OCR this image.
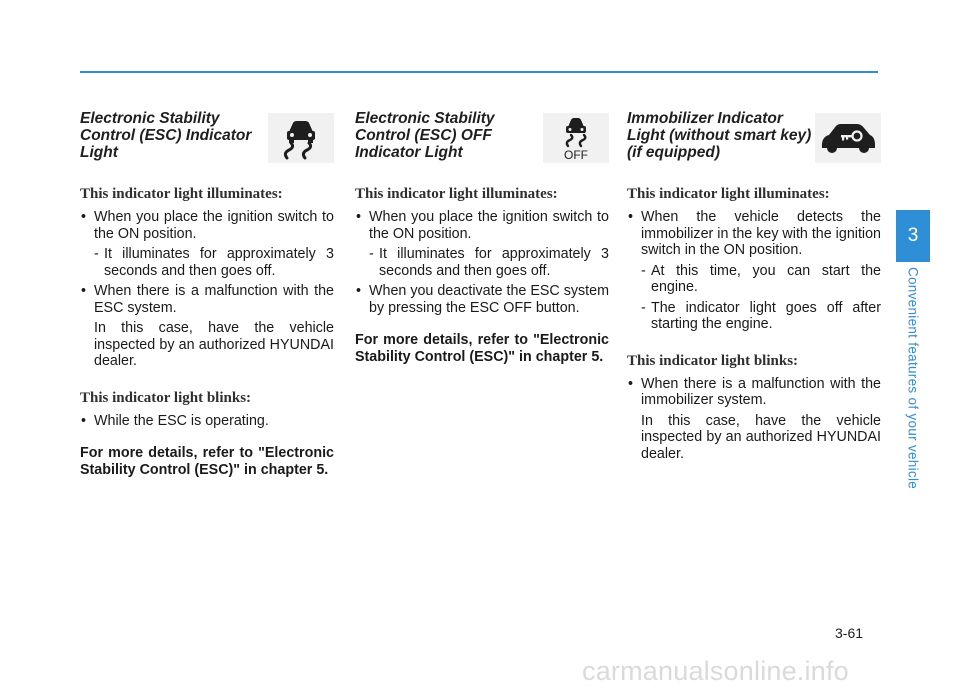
Electronic Stability Control (ESC) Indicator Light
This indicator light illuminates:

• When you place the ignition switch to the ON position.

- It illuminates for approximately 3 seconds and then goes off.

• When there is a malfunction with the ESC system.

In this case, have the vehicle inspected by an authorized HYUNDAI dealer.

This indicator light blinks:

• While the ESC is operating.

For more details, refer to "Electronic Stability Control (ESC)" in chapter 5.

Electronic Stability Control (ESC) OFF Indicator Light	OFF
This indicator light illuminates:

• When you place the ignition switch to the ON position.

- It illuminates for approximately 3 seconds and then goes off.

• When you deactivate the ESC system by pressing the ESC OFF button.

For more details, refer to "Electronic Stability Control (ESC)" in chapter 5.

Immobilizer Indicator Light (without smart key) (if equipped)
This indicator light illuminates:

• When the vehicle detects the immobilizer in the key with the ignition switch in the ON position.

- At this time, you can start the engine.

- The indicator light goes off after starting the engine.

This indicator light blinks:

• When there is a malfunction with the immobilizer system.

In this case, have the vehicle inspected by an authorized HYUNDAI dealer.

3
Convenient features of your vehicle
3-61
carmanualsonline.info
